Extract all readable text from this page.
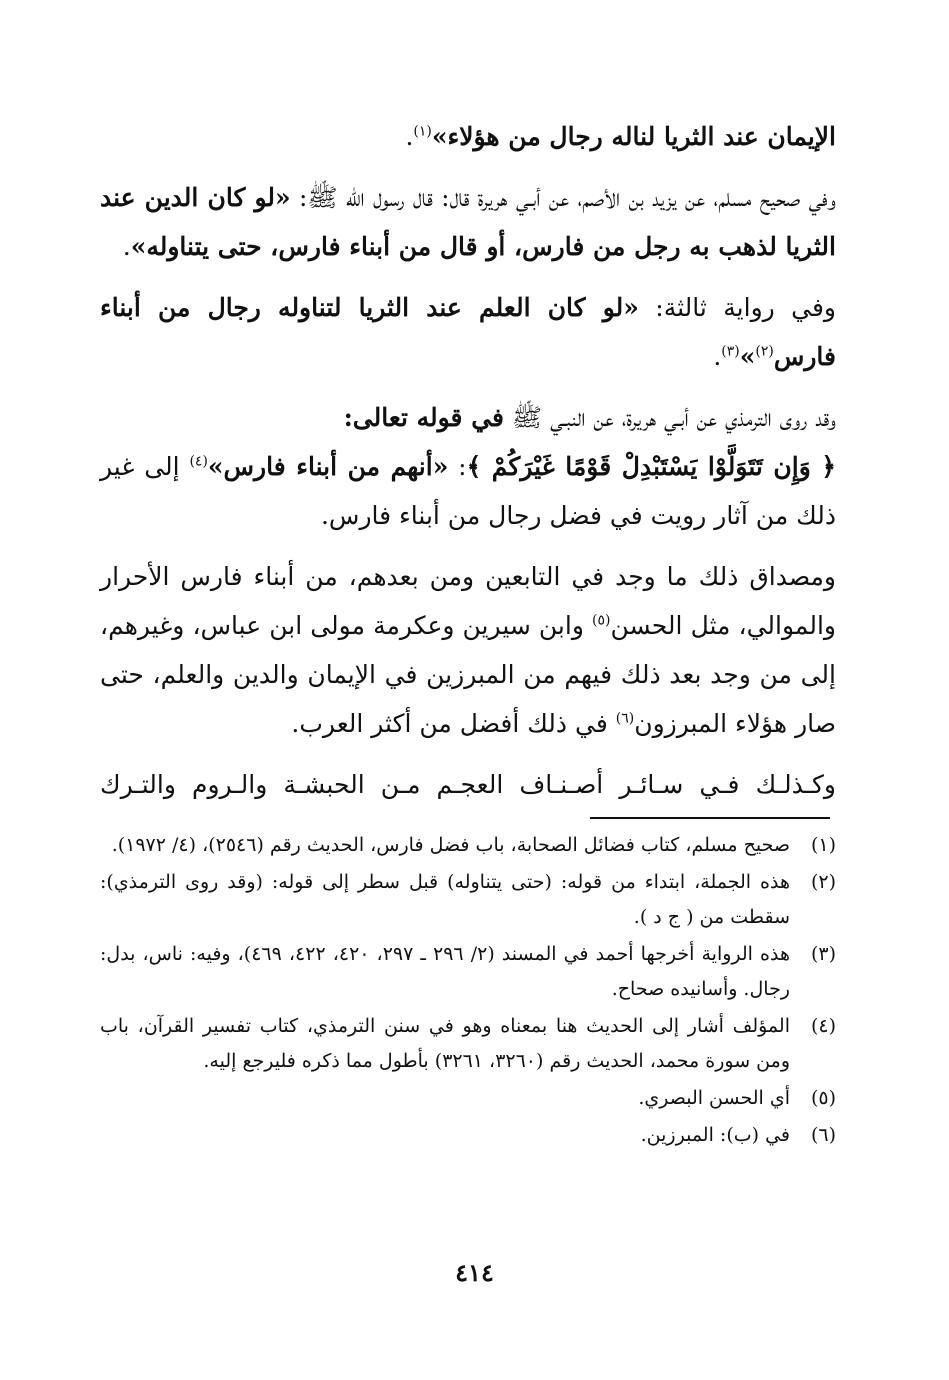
الإيمان عند الثريا لناله رجال من هؤلاء»$^{(١)}$.

وفي صحيح مسلم، عن يزيد بن الأصم، عن أبـي هريرة قال: قال رسول الله ﷺ: «لو كان الدين عند الثريا لذهب به رجل من فارس، أو قال من أبناء فارس، حتى يتناوله».

وفي رواية ثالثة: «لو كان العلم عند الثريا لتناوله رجال من أبناء فارس$^{(٢)}$»$^{(٣)}$.

وقد روى الترمذي عن أبـي هريرة، عن النبـي ﷺ في قوله تعالى:
﴿ وَإِن تَتَوَلَّوْا يَسْتَبْدِلْ قَوْمًا غَيْرَكُمْ ﴾: «أنهم من أبناء فارس»$^{(٤)}$ إلى غير ذلك من آثار رويت في فضل رجال من أبناء فارس.

ومصداق ذلك ما وجد في التابعين ومن بعدهم، من أبناء فارس الأحرار والموالي، مثل الحسن$^{(٥)}$ وابن سيرين وعكرمة مولى ابن عباس، وغيرهم، إلى من وجد بعد ذلك فيهم من المبرزين في الإيمان والدين والعلم، حتى صار هؤلاء المبرزون$^{(٦)}$ في ذلك أفضل من أكثر العرب.

وكـذلـك فـي سـائـر أصـنـاف العجـم مـن الحبشـة والـروم والتـرك

(١)
صحيح مسلم، كتاب فضائل الصحابة، باب فضل فارس، الحديث رقم (٢٥٤٦)، (٤/ ١٩٧٢).
(٢)
هذه الجملة، ابتداء من قوله: (حتى يتناوله) قبل سطر إلى قوله: (وقد روى الترمذي): سقطت من ( ج د ).
(٣)
هذه الرواية أخرجها أحمد في المسند (٢/ ٢٩٦ ـ ٢٩٧، ٤٢٠، ٤٢٢، ٤٦٩)، وفيه: ناس، بدل: رجال. وأسانيده صحاح.
(٤)
المؤلف أشار إلى الحديث هنا بمعناه وهو في سنن الترمذي، كتاب تفسير القرآن، باب ومن سورة محمد، الحديث رقم (٣٢٦٠، ٣٢٦١) بأطول مما ذكره فليرجع إليه.
(٥)
أي الحسن البصري.
(٦)
في (ب): المبرزين.
٤١٤
